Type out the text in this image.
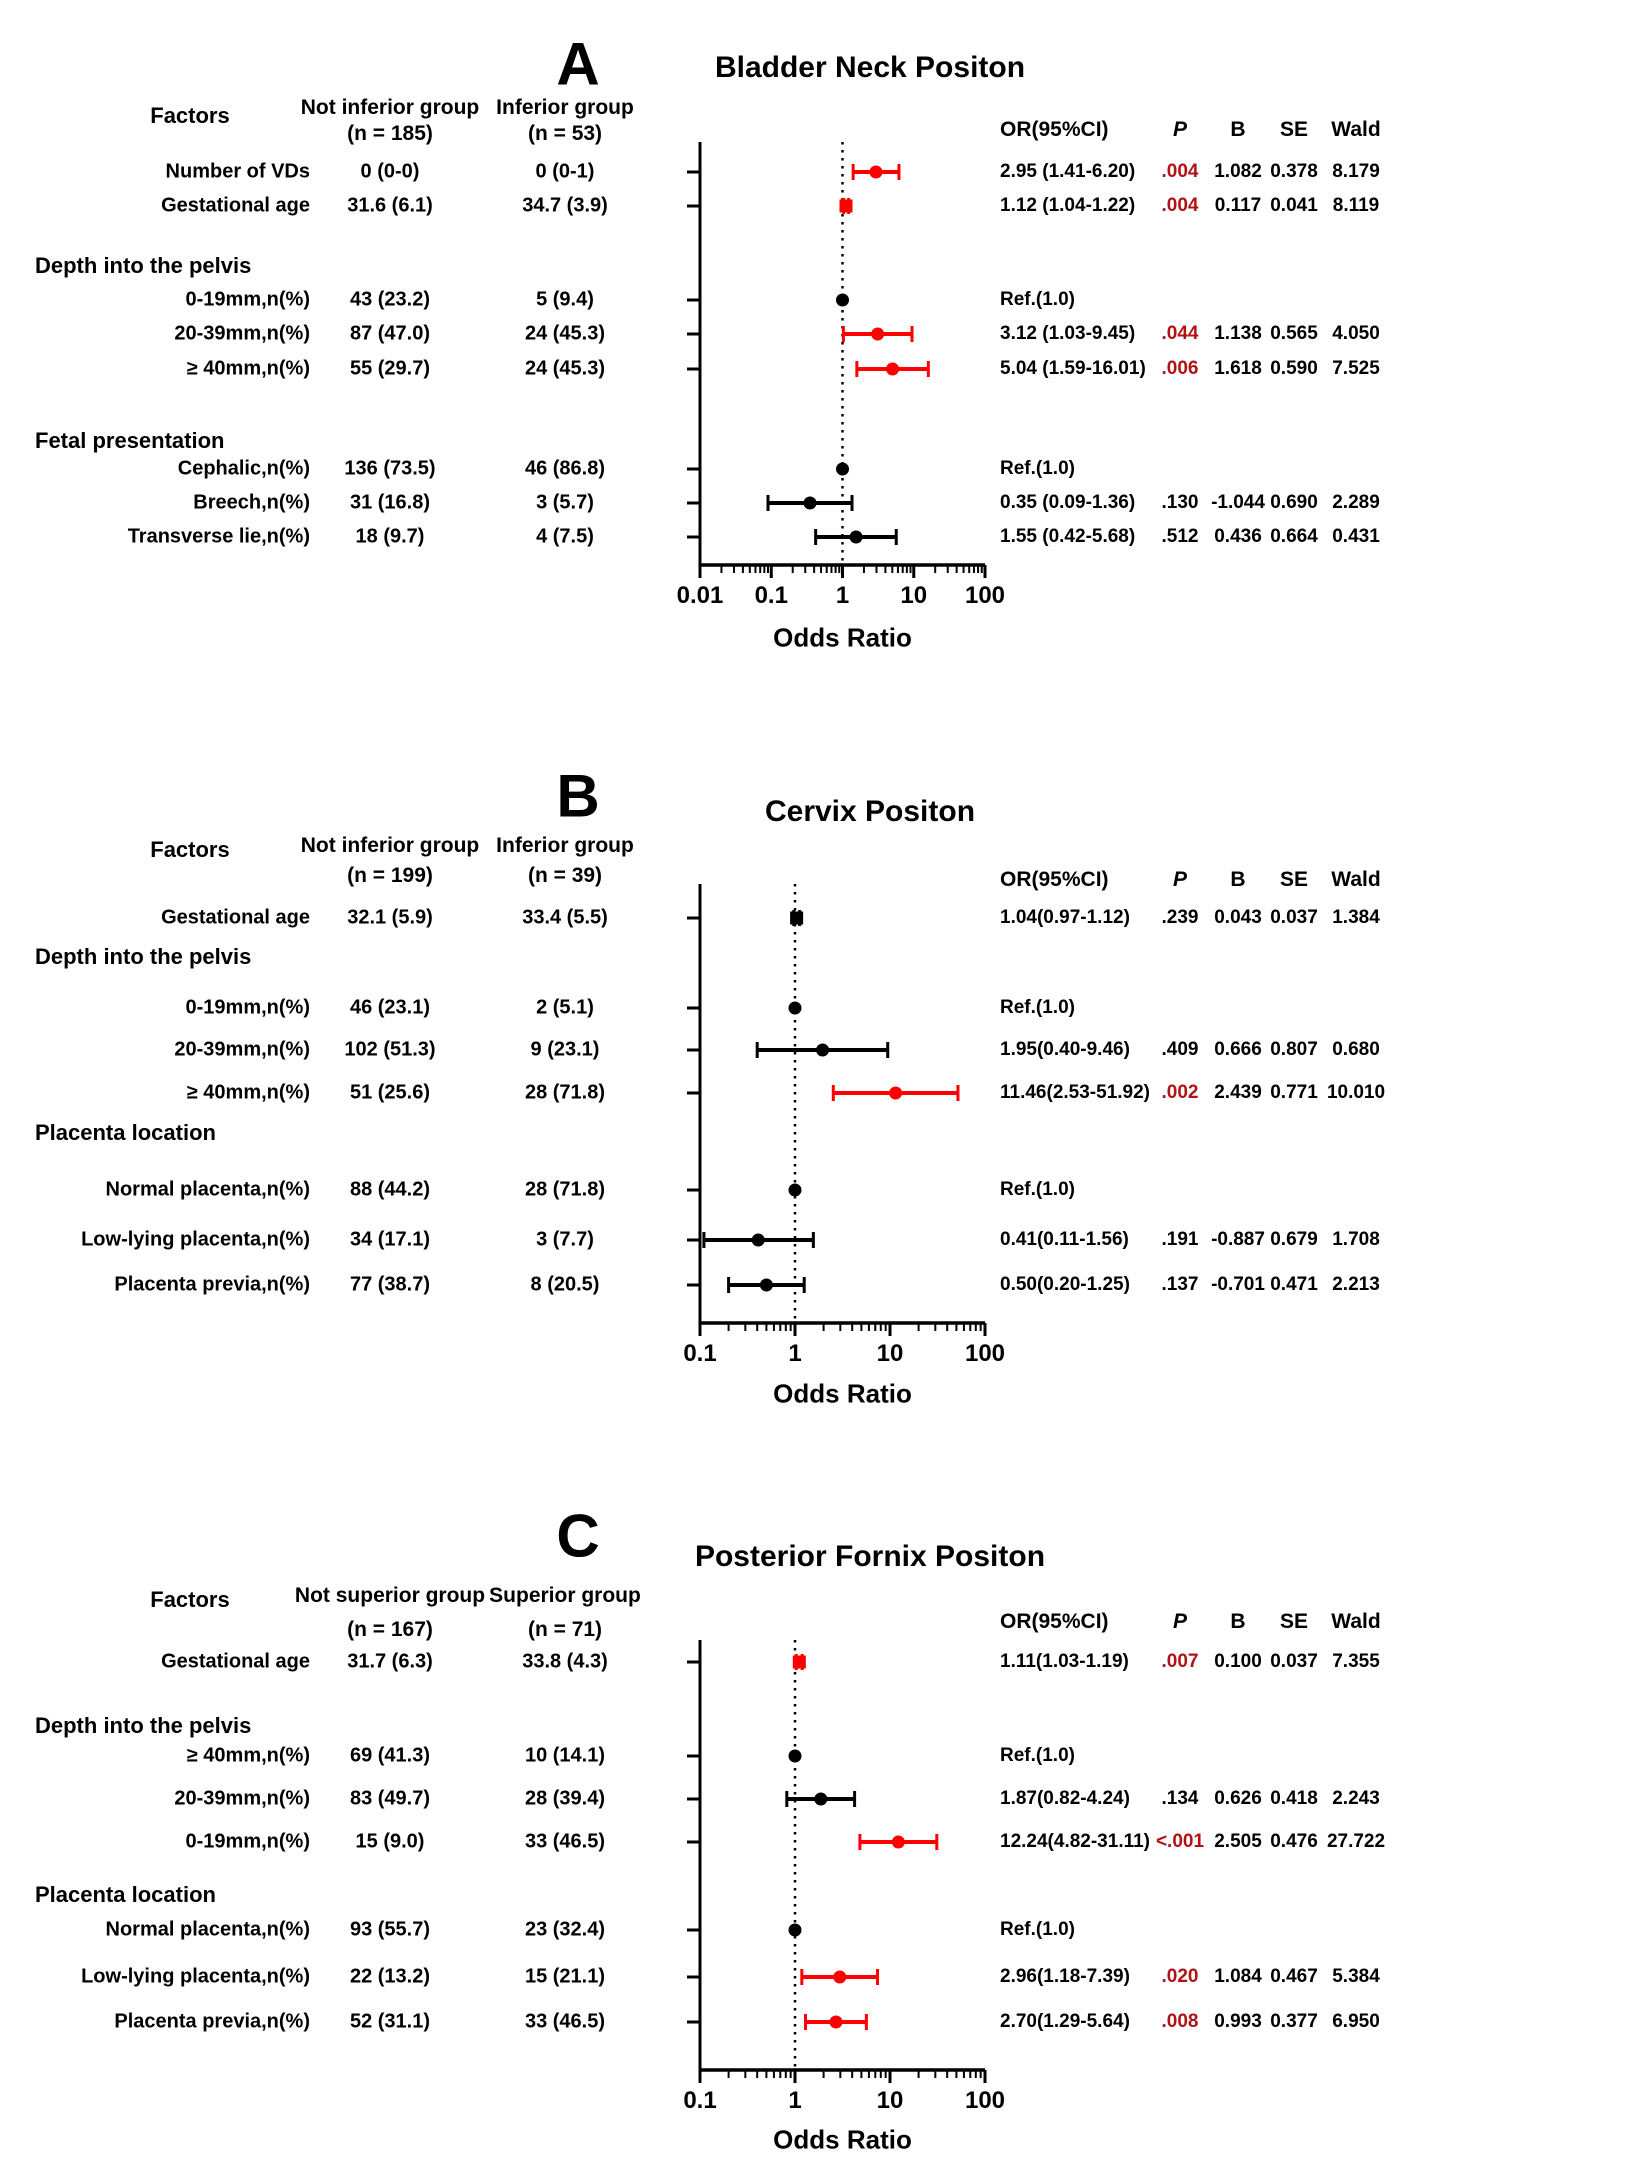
A	Bladder Neck Positon
Factors	Not inferior group
(n = 185)
Inferior group
(n = 53)	OR(95%CI)	P B SE Wald
0.01 0.1 1 10 100
Odds Ratio
Number of VDs	0 (0-0)	0 (0-1)	2.95 (1.41-6.20) .004 1.082 0.378 8.179
Gestational age 31.6 (6.1)	34.7 (3.9)	1.12 (1.04-1.22) .004 0.117 0.041 8.119
Depth into the pelvis
0-19mm,n(%) 43 (23.2)	5 (9.4)	Ref.(1.0)
20-39mm,n(%) 87 (47.0)	24 (45.3)	3.12 (1.03-9.45) .044 1.138 0.565 4.050
≥ 40mm,n(%) 55 (29.7)	24 (45.3)	5.04 (1.59-16.01) .006 1.618 0.590 7.525
Fetal presentation
Cephalic,n(%) 136 (73.5)	46 (86.8)	Ref.(1.0)
Breech,n(%) 31 (16.8)	3 (5.7)	0.35 (0.09-1.36) .130 -1.044 0.690 2.289
Transverse lie,n(%) 18 (9.7)	4 (7.5)	1.55 (0.42-5.68) .512 0.436 0.664 0.431
B	Cervix Positon
Factors	Not inferior group
(n = 199)
Inferior group
(n = 39)	OR(95%CI)	P B SE Wald
0.1	1	10	100
Odds Ratio
Gestational age 32.1 (5.9)	33.4 (5.5)	1.04(0.97-1.12) .239 0.043 0.037 1.384
Depth into the pelvis
0-19mm,n(%) 46 (23.1)	2 (5.1)	Ref.(1.0)
20-39mm,n(%) 102 (51.3)	9 (23.1)	1.95(0.40-9.46) .409 0.666 0.807 0.680
≥ 40mm,n(%) 51 (25.6)	28 (71.8)	11.46(2.53-51.92) .002 2.439 0.771 10.010
Placenta location
Normal placenta,n(%) 88 (44.2)	28 (71.8)	Ref.(1.0)
Low-lying placenta,n(%) 34 (17.1)	3 (7.7)	0.41(0.11-1.56) .191 -0.887 0.679 1.708
Placenta previa,n(%) 77 (38.7)	8 (20.5)	0.50(0.20-1.25) .137 -0.701 0.471 2.213
C	Posterior Fornix Positon
Factors	Not superior group
(n = 167)
Superior group
(n = 71)	OR(95%CI)	P B SE Wald
0.1	1	10	100
Odds Ratio
Gestational age 31.7 (6.3)	33.8 (4.3)	1.11(1.03-1.19) .007 0.100 0.037 7.355
Depth into the pelvis
≥ 40mm,n(%) 69 (41.3)	10 (14.1)	Ref.(1.0)
20-39mm,n(%) 83 (49.7)	28 (39.4)	1.87(0.82-4.24) .134 0.626 0.418 2.243
0-19mm,n(%) 15 (9.0)	33 (46.5)	12.24(4.82-31.11) <.001 2.505 0.476 27.722
Placenta location
Normal placenta,n(%) 93 (55.7)	23 (32.4)	Ref.(1.0)
Low-lying placenta,n(%) 22 (13.2)	15 (21.1)	2.96(1.18-7.39) .020 1.084 0.467 5.384
Placenta previa,n(%) 52 (31.1)	33 (46.5)	2.70(1.29-5.64) .008 0.993 0.377 6.950
